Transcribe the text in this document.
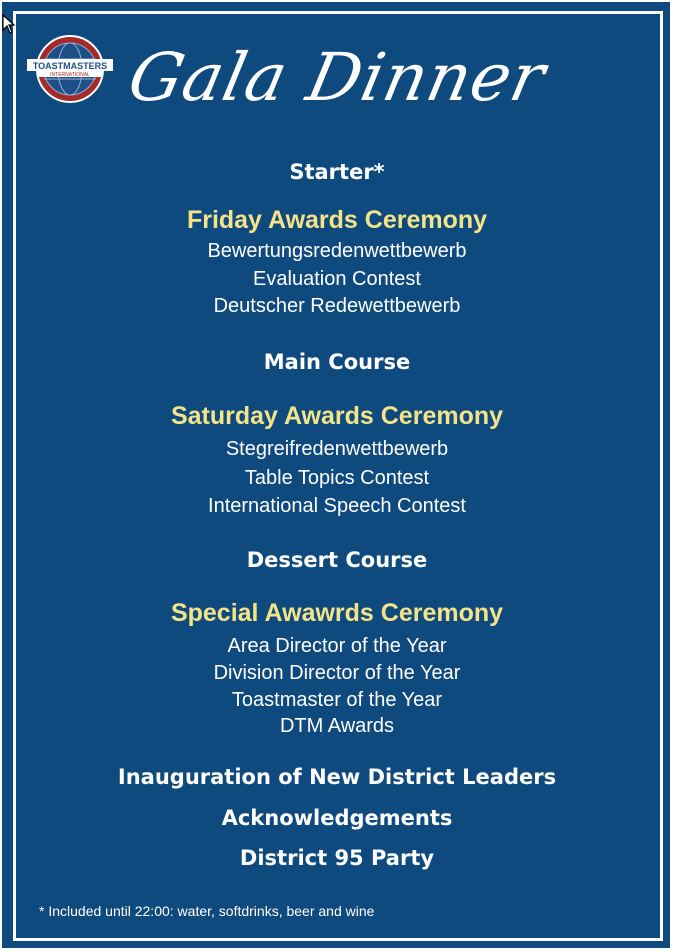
TOASTMASTERS
INTERNATIONAL Gala Dinner
Starter*
Friday Awards Ceremony
Bewertungsredenwettbewerb
Evaluation Contest
Deutscher Redewettbewerb
Main Course
Saturday Awards Ceremony
Stegreifredenwettbewerb
Table Topics Contest
International Speech Contest
Dessert Course
Special Awawrds Ceremony
Area Director of the Year
Division Director of the Year
Toastmaster of the Year
DTM Awards
Inauguration of New District Leaders
Acknowledgements
District 95 Party
* Included until 22:00: water, softdrinks, beer and wine
